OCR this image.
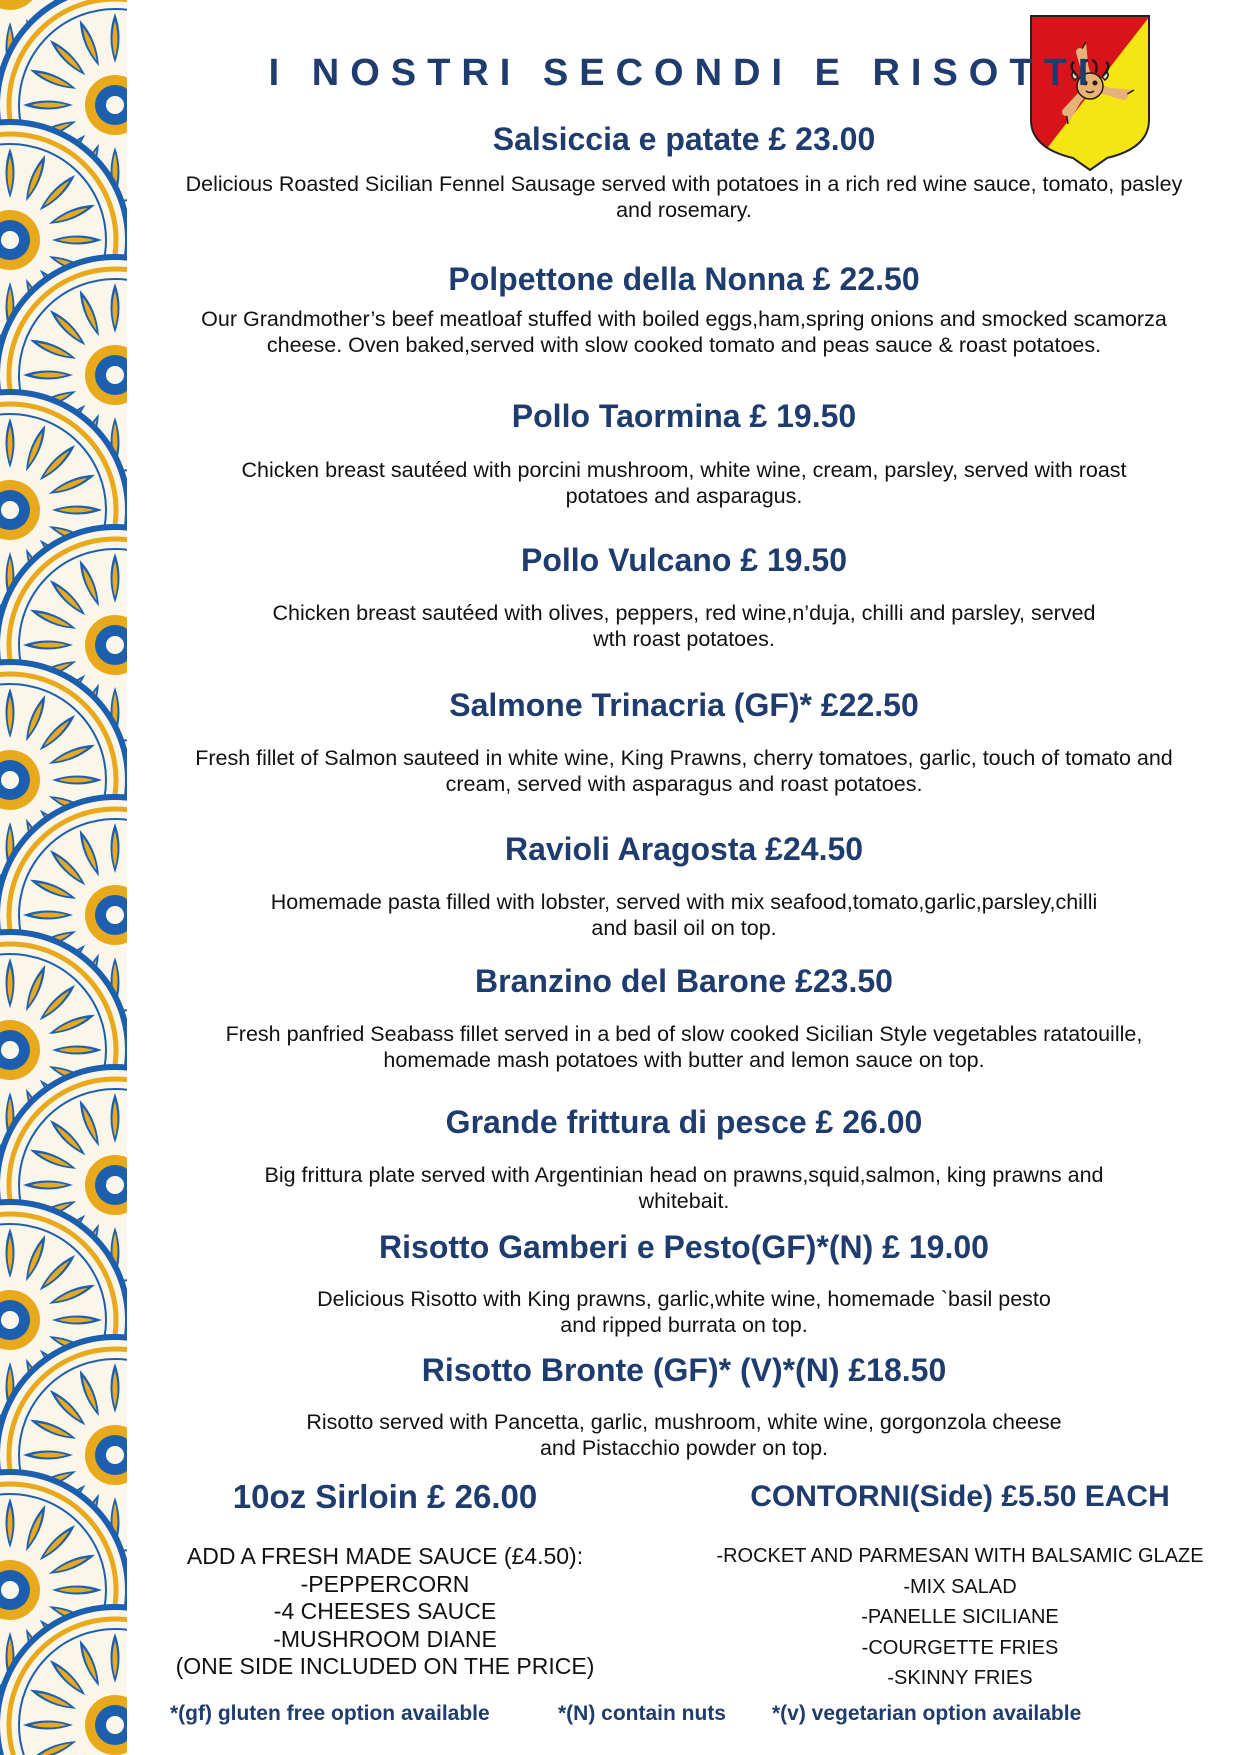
I NOSTRI SECONDI E RISOTTI
Salsiccia e patate £ 23.00
Delicious Roasted Sicilian Fennel Sausage served with potatoes in a rich red wine sauce, tomato, pasley
and rosemary.
Polpettone della Nonna £ 22.50
Our Grandmother’s beef meatloaf stuffed with boiled eggs,ham,spring onions and smocked scamorza
cheese. Oven baked,served with slow cooked tomato and peas sauce & roast potatoes.
Pollo Taormina £ 19.50
Chicken breast sautéed with porcini mushroom, white wine, cream, parsley, served with roast
potatoes and asparagus.
Pollo Vulcano £ 19.50
Chicken breast sautéed with olives, peppers, red wine,n’duja, chilli and parsley, served
wth roast potatoes.
Salmone Trinacria (GF)* £22.50
Fresh fillet of Salmon sauteed in white wine, King Prawns, cherry tomatoes, garlic, touch of tomato and
cream, served with asparagus and roast potatoes.
Ravioli Aragosta £24.50
Homemade pasta filled with lobster, served with mix seafood,tomato,garlic,parsley,chilli
and basil oil on top.
Branzino del Barone £23.50
Fresh panfried Seabass fillet served in a bed of slow cooked Sicilian Style vegetables ratatouille,
homemade mash potatoes with butter and lemon sauce on top.
Grande frittura di pesce £ 26.00
Big frittura plate served with Argentinian head on prawns,squid,salmon, king prawns and
whitebait.
Risotto Gamberi e Pesto(GF)*(N) £ 19.00
Delicious Risotto with King prawns, garlic,white wine, homemade `basil pesto
and ripped burrata on top.
Risotto Bronte (GF)* (V)*(N) £18.50
Risotto served with Pancetta, garlic, mushroom, white wine, gorgonzola cheese
and Pistacchio powder on top.
10oz Sirloin £ 26.00
ADD A FRESH MADE SAUCE (£4.50):
-PEPPERCORN
-4 CHEESES SAUCE
-MUSHROOM DIANE
(ONE SIDE INCLUDED ON THE PRICE)
CONTORNI(Side) £5.50 EACH
-ROCKET AND PARMESAN WITH BALSAMIC GLAZE
-MIX SALAD
-PANELLE SICILIANE
-COURGETTE FRIES
-SKINNY FRIES
*(gf) gluten free option available	*(N) contain nuts *(v) vegetarian option available
